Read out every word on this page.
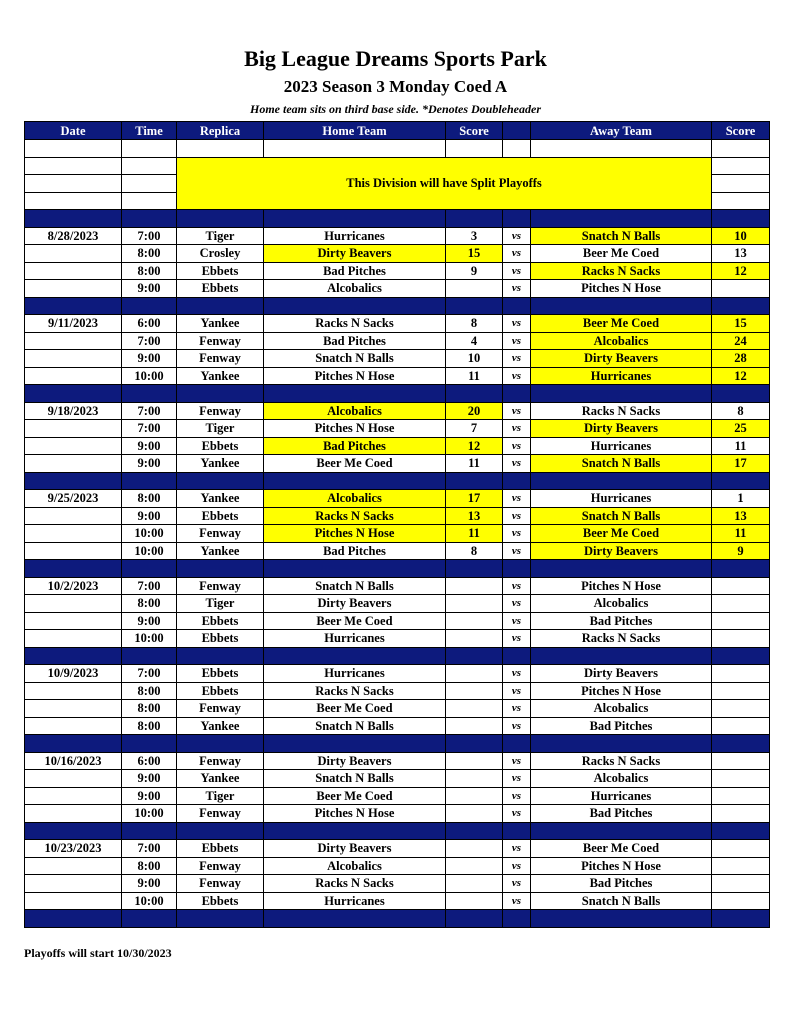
Big League Dreams Sports Park
2023 Season 3 Monday Coed A
Home team sits on third base side. *Denotes Doubleheader
Date	Time	Replica	Home Team	Score		Away Team	Score

		This Division will have Split Playoffs					

8/28/2023	7:00	Tiger	Hurricanes	3	vs	Snatch N Balls	10
	8:00	Crosley	Dirty Beavers	15	vs	Beer Me Coed	13
	8:00	Ebbets	Bad Pitches	9	vs	Racks N Sacks	12
	9:00	Ebbets	Alcobalics		vs	Pitches N Hose	

9/11/2023	6:00	Yankee	Racks N Sacks	8	vs	Beer Me Coed	15
	7:00	Fenway	Bad Pitches	4	vs	Alcobalics	24
	9:00	Fenway	Snatch N Balls	10	vs	Dirty Beavers	28
	10:00	Yankee	Pitches N Hose	11	vs	Hurricanes	12

9/18/2023	7:00	Fenway	Alcobalics	20	vs	Racks N Sacks	8
	7:00	Tiger	Pitches N Hose	7	vs	Dirty Beavers	25
	9:00	Ebbets	Bad Pitches	12	vs	Hurricanes	11
	9:00	Yankee	Beer Me Coed	11	vs	Snatch N Balls	17

9/25/2023	8:00	Yankee	Alcobalics	17	vs	Hurricanes	1
	9:00	Ebbets	Racks N Sacks	13	vs	Snatch N Balls	13
	10:00	Fenway	Pitches N Hose	11	vs	Beer Me Coed	11
	10:00	Yankee	Bad Pitches	8	vs	Dirty Beavers	9

10/2/2023	7:00	Fenway	Snatch N Balls		vs	Pitches N Hose	
	8:00	Tiger	Dirty Beavers		vs	Alcobalics	
	9:00	Ebbets	Beer Me Coed		vs	Bad Pitches	
	10:00	Ebbets	Hurricanes		vs	Racks N Sacks	

10/9/2023	7:00	Ebbets	Hurricanes		vs	Dirty Beavers	
	8:00	Ebbets	Racks N Sacks		vs	Pitches N Hose	
	8:00	Fenway	Beer Me Coed		vs	Alcobalics	
	8:00	Yankee	Snatch N Balls		vs	Bad Pitches	

10/16/2023	6:00	Fenway	Dirty Beavers		vs	Racks N Sacks	
	9:00	Yankee	Snatch N Balls		vs	Alcobalics	
	9:00	Tiger	Beer Me Coed		vs	Hurricanes	
	10:00	Fenway	Pitches N Hose		vs	Bad Pitches	

10/23/2023	7:00	Ebbets	Dirty Beavers		vs	Beer Me Coed	
	8:00	Fenway	Alcobalics		vs	Pitches N Hose	
	9:00	Fenway	Racks N Sacks		vs	Bad Pitches	
	10:00	Ebbets	Hurricanes		vs	Snatch N Balls	

Playoffs will start 10/30/2023
